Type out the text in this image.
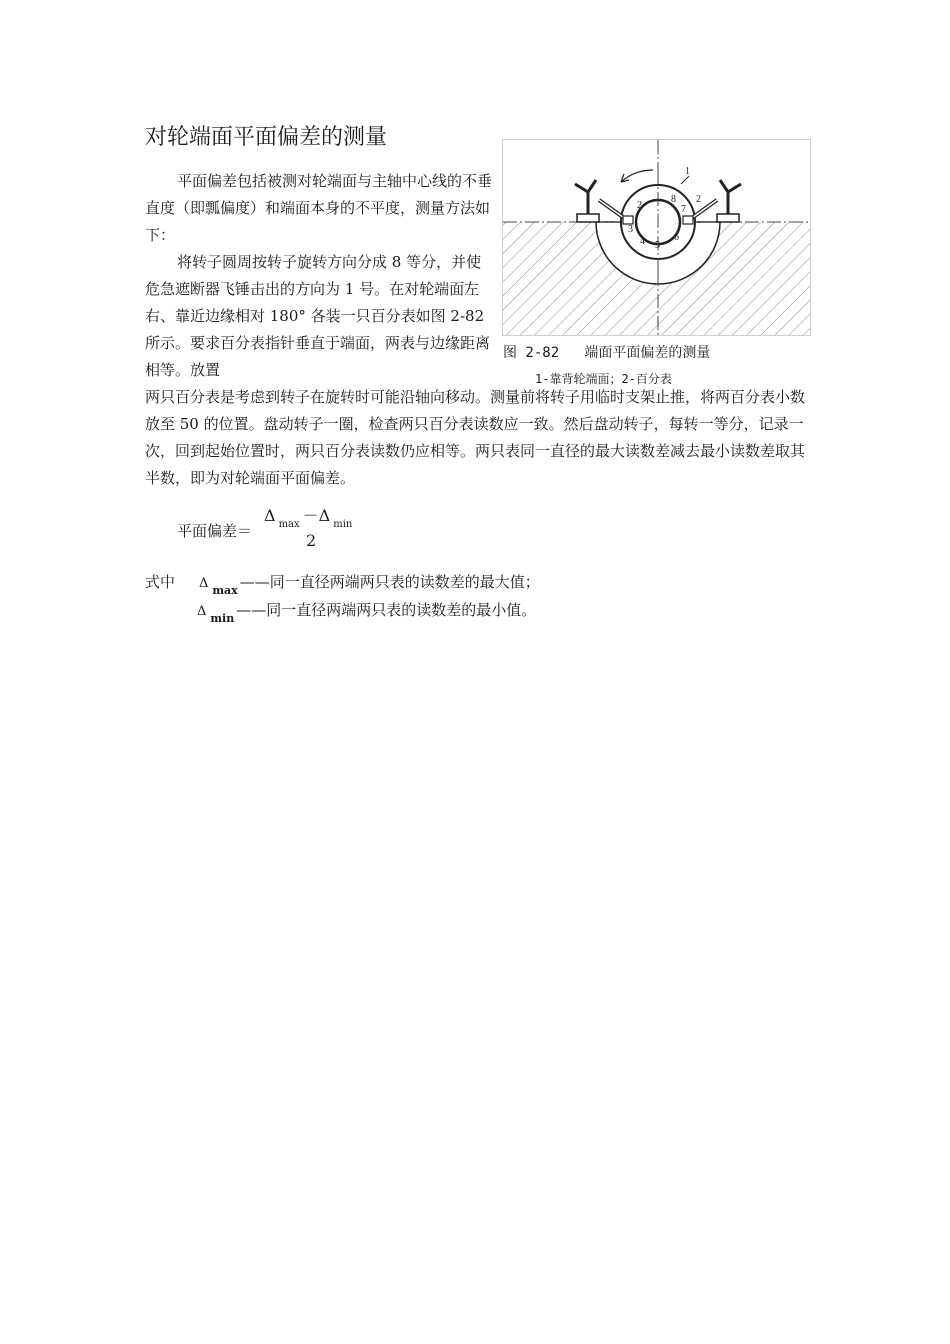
对轮端面平面偏差的测量

平面偏差包括被测对轮端面与主轴中心线的不垂直度（即瓢偏度）和端面本身的不平度，测量方法如下：

将转子圆周按转子旋转方向分成 8 等分，并使危急遮断器飞锤击出的方向为 1 号。在对轮端面左右、靠近边缘相对 180° 各装一只百分表如图 2-82 所示。要求百分表指针垂直于端面，两表与边缘距离相等。放置

两只百分表是考虑到转子在旋转时可能沿轴向移动。测量前将转子用临时支架止推，将两百分表小数放至 50 的位置。盘动转子一圈，检查两只百分表读数应一致。然后盘动转子，每转一等分，记录一次，回到起始位置时，两只百分表读数仍应相等。两只表同一直径的最大读数差减去最小读数差取其半数，即为对轮端面平面偏差。

1
2
8
7
2
3
4 5
6
图 2-82   端面平面偏差的测量
1-靠背轮端面；2-百分表
平面偏差＝
Δ $_{max}$ －Δ $_{min}$
2
式中 Δ $_{max}$ ——同一直径两端两只表的读数差的最大值；
Δ $_{min}$ ——同一直径两端两只表的读数差的最小值。
